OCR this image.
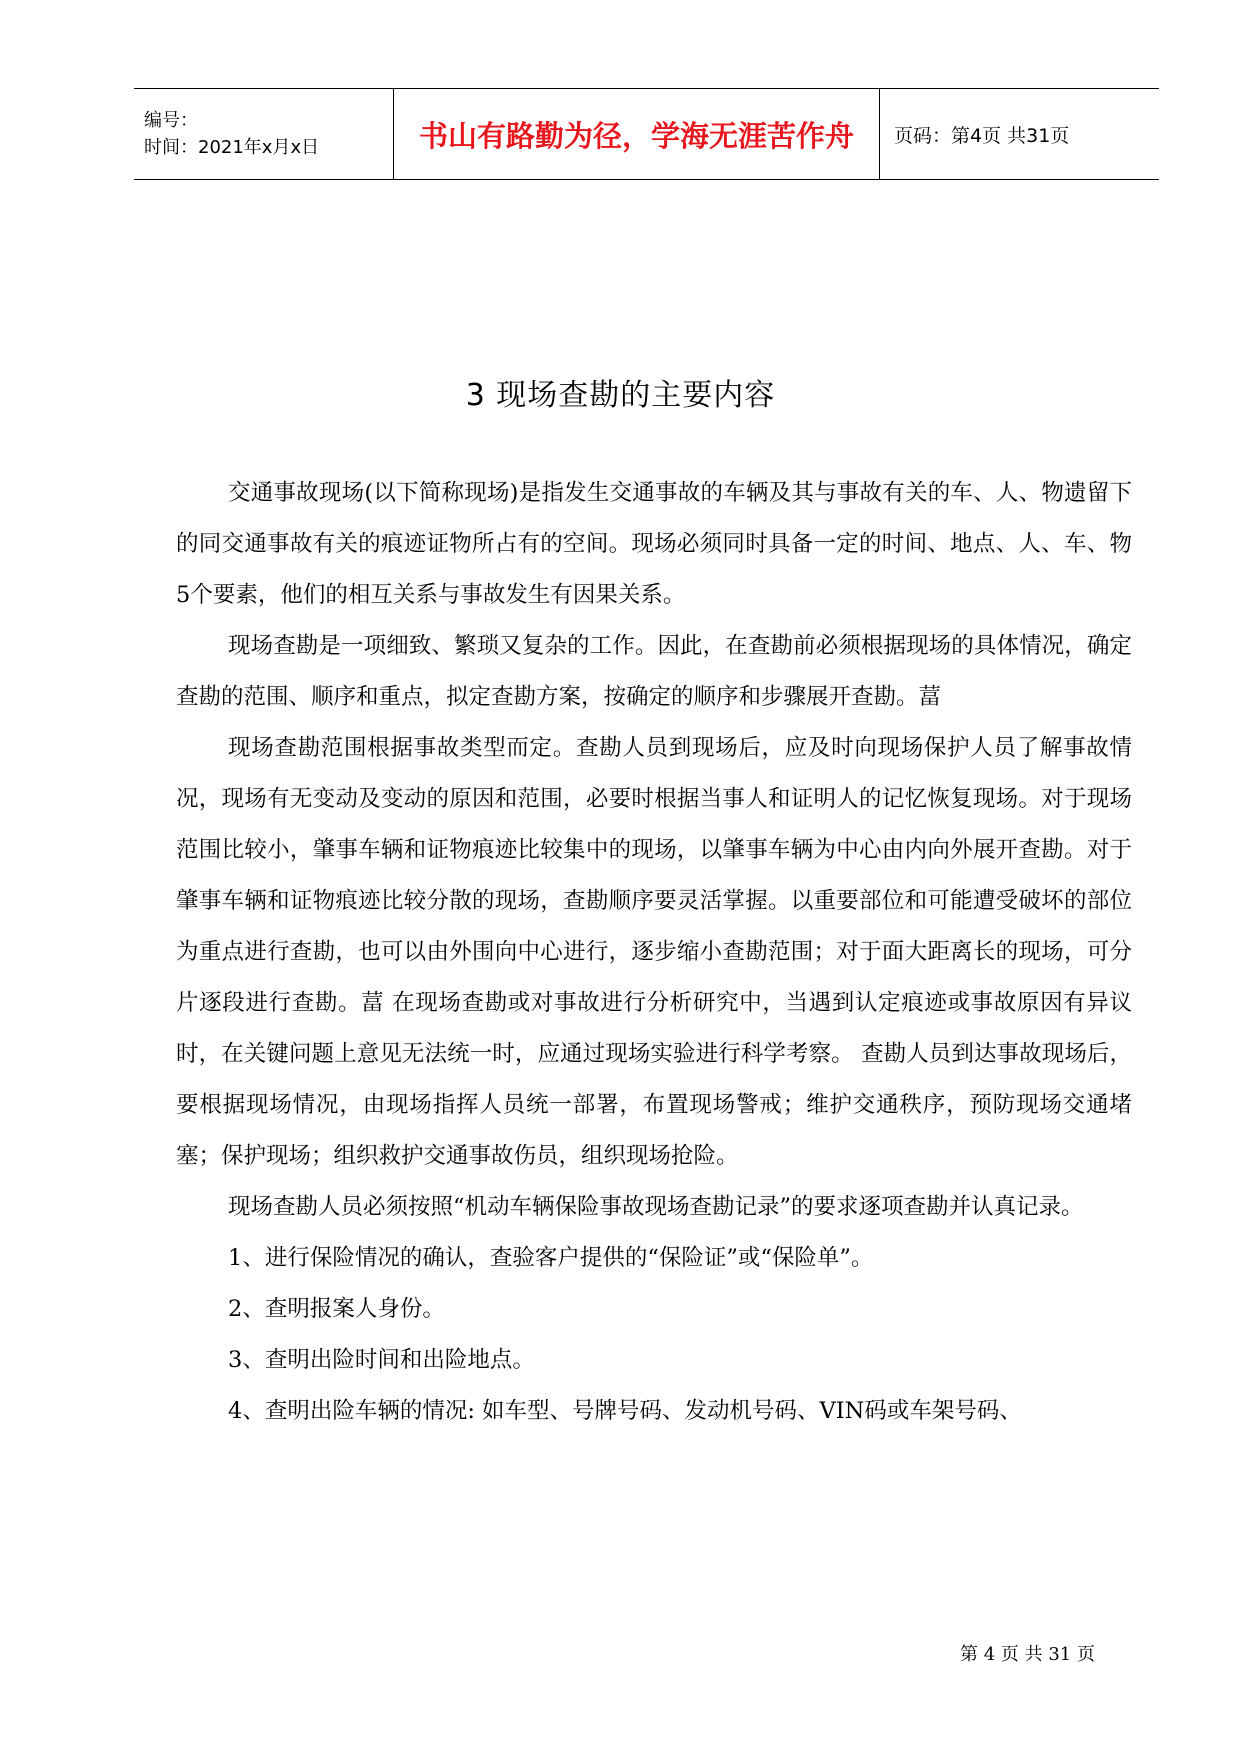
编号：
时间：2021年x月x日	书山有路勤为径，学海无涯苦作舟 页码：第4页 共31页
3 现场查勘的主要内容

交通事故现场(以下简称现场)是指发生交通事故的车辆及其与事故有关的车、人、物遗留下的同交通事故有关的痕迹证物所占有的空间。现场必须同时具备一定的时间、地点、人、车、物5个要素，他们的相互关系与事故发生有因果关系。

现场查勘是一项细致、繁琐又复杂的工作。因此，在查勘前必须根据现场的具体情况，确定查勘的范围、顺序和重点，拟定查勘方案，按确定的顺序和步骤展开查勘。葍

现场查勘范围根据事故类型而定。查勘人员到现场后，应及时向现场保护人员了解事故情况，现场有无变动及变动的原因和范围，必要时根据当事人和证明人的记忆恢复现场。对于现场范围比较小，肇事车辆和证物痕迹比较集中的现场，以肇事车辆为中心由内向外展开查勘。对于肇事车辆和证物痕迹比较分散的现场，查勘顺序要灵活掌握。以重要部位和可能遭受破坏的部位为重点进行查勘，也可以由外围向中心进行，逐步缩小查勘范围；对于面大距离长的现场，可分片逐段进行查勘。葍 在现场查勘或对事故进行分析研究中，当遇到认定痕迹或事故原因有异议时，在关键问题上意见无法统一时，应通过现场实验进行科学考察。 查勘人员到达事故现场后，要根据现场情况，由现场指挥人员统一部署，布置现场警戒；维护交通秩序，预防现场交通堵塞；保护现场；组织救护交通事故伤员，组织现场抢险。

现场查勘人员必须按照“机动车辆保险事故现场查勘记录”的要求逐项查勘并认真记录。

1、进行保险情况的确认，查验客户提供的“保险证”或“保险单”。

2、查明报案人身份。

3、查明出险时间和出险地点。

4、查明出险车辆的情况: 如车型、号牌号码、发动机号码、VIN码或车架号码、

第 4 页 共 31 页
